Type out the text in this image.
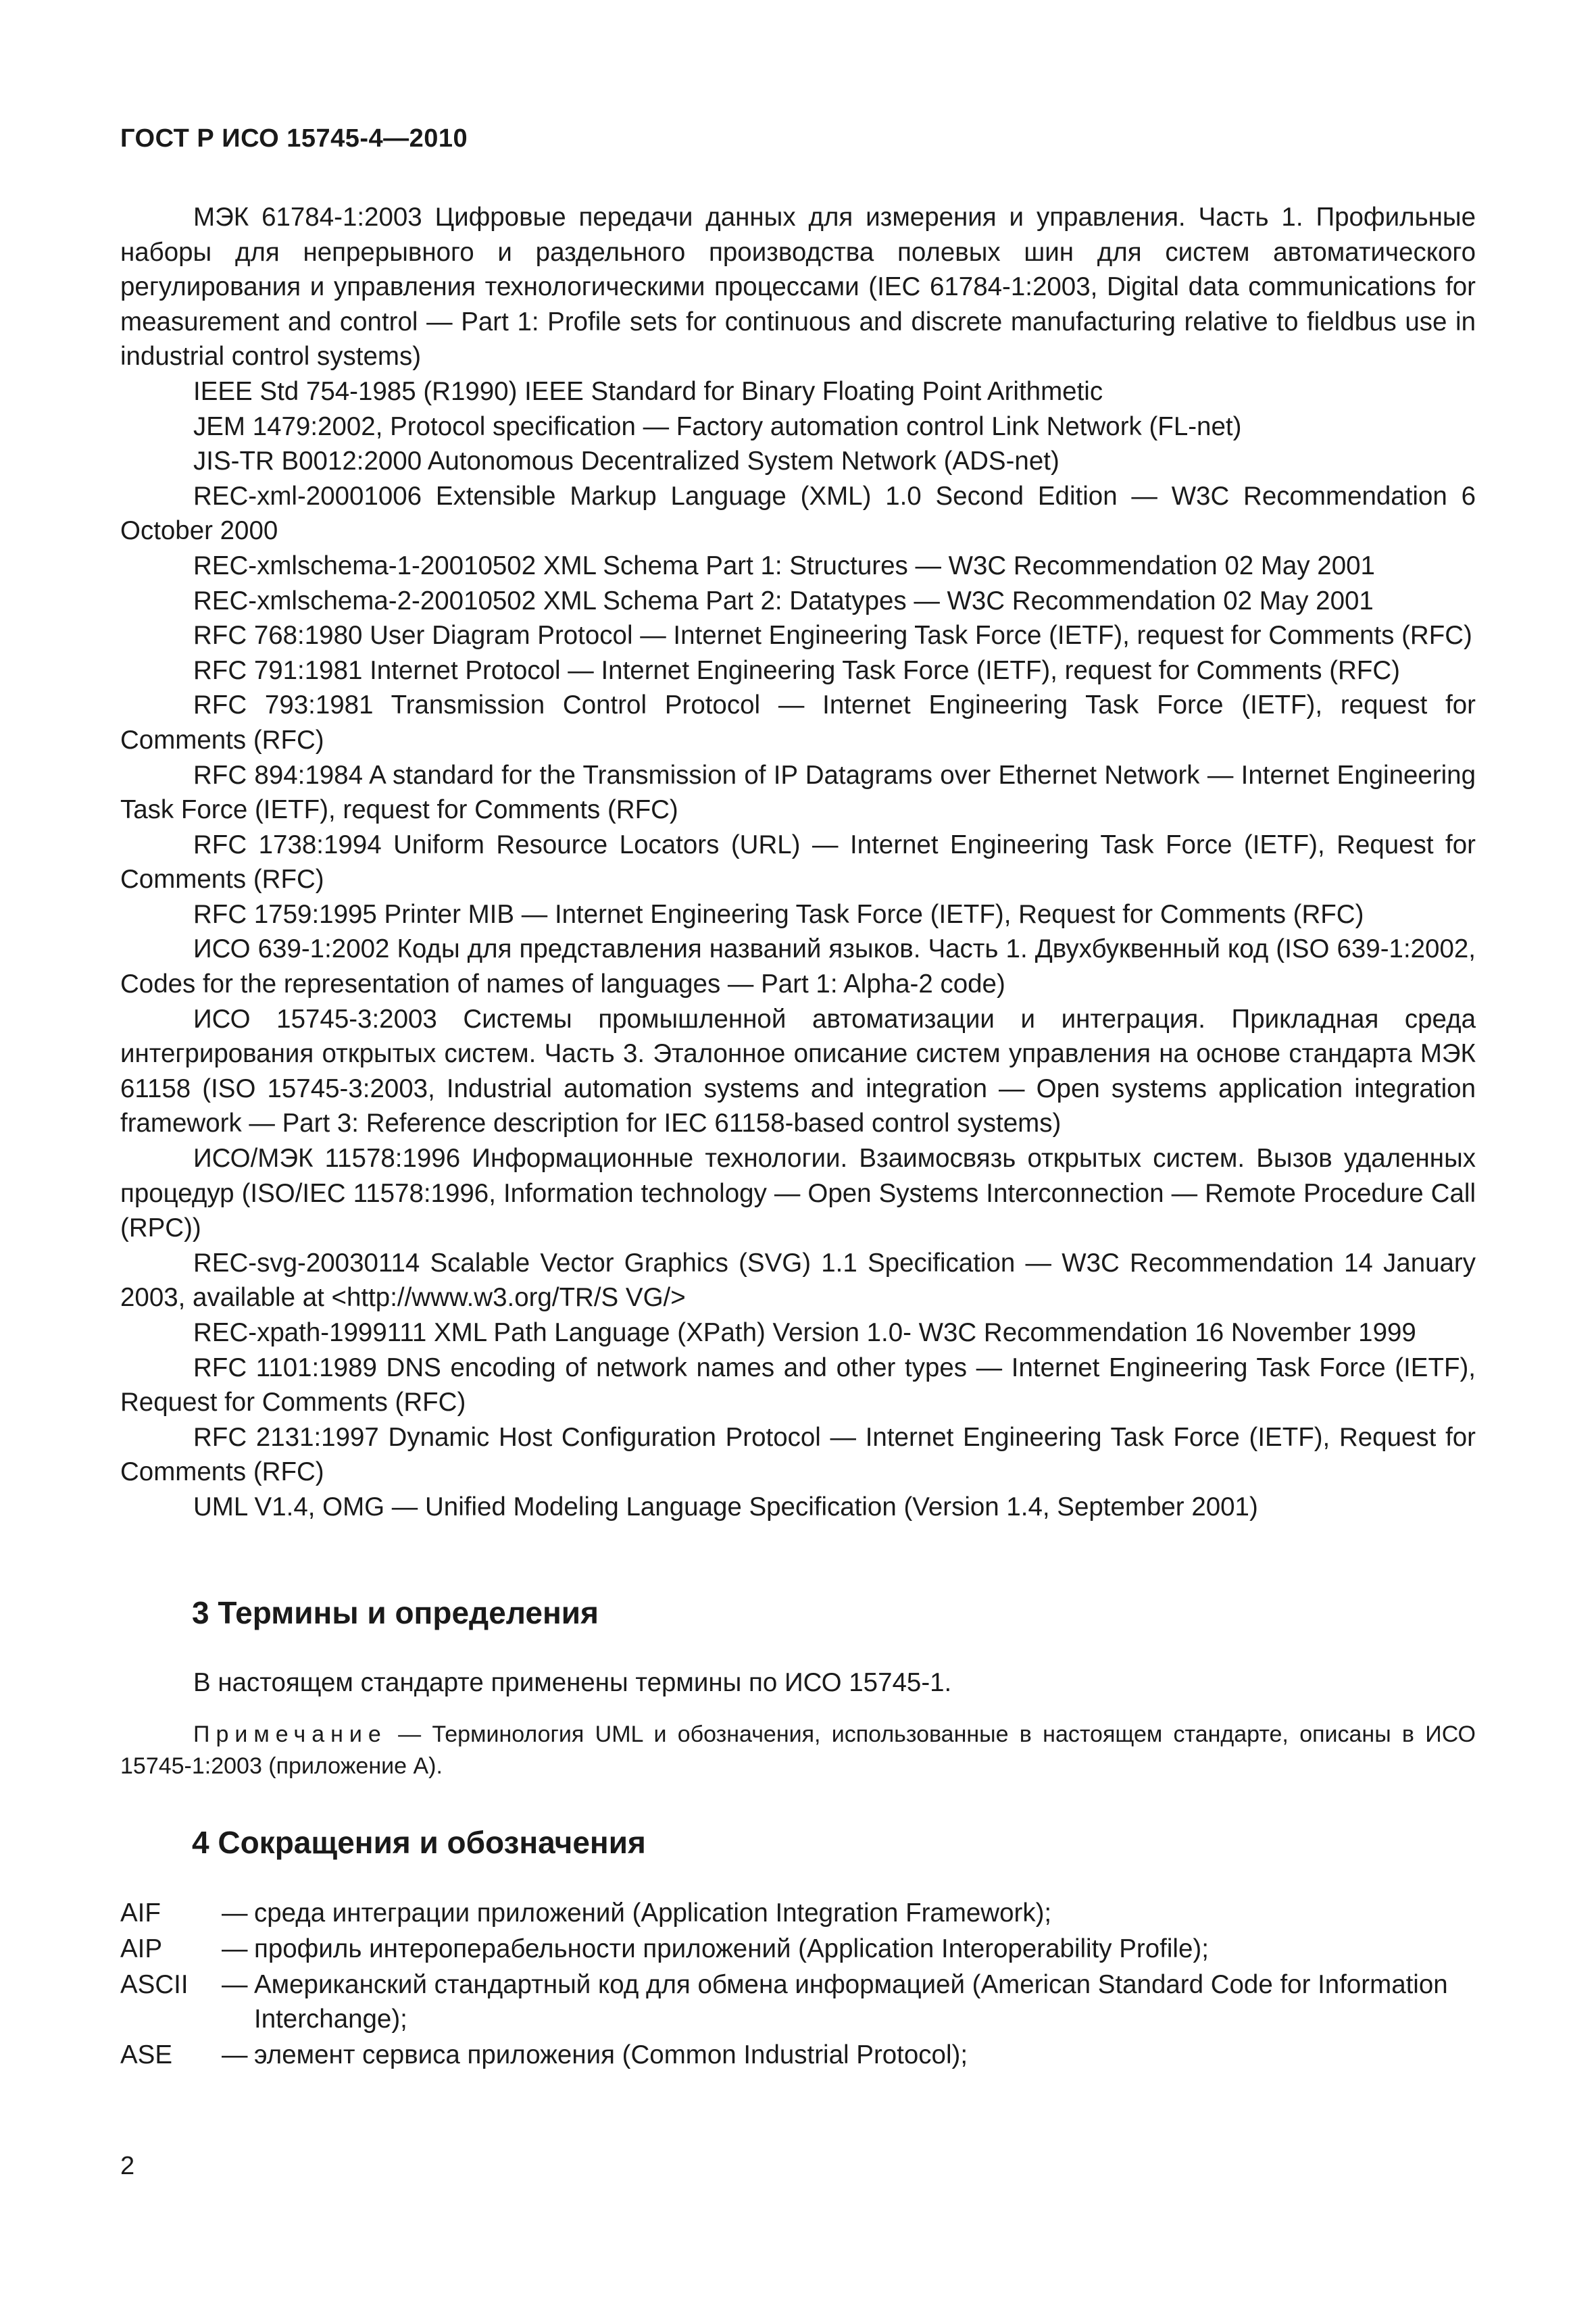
ГОСТ Р ИСО 15745-4—2010

МЭК 61784-1:2003 Цифровые передачи данных для измерения и управления. Часть 1. Профильные наборы для непрерывного и раздельного производства полевых шин для систем автоматического регулирования и управления технологическими процессами (IEC 61784-1:2003, Digital data communications for measurement and control — Part 1: Profile sets for continuous and discrete manufacturing relative to fieldbus use in industrial control systems)

IEEE Std 754-1985 (R1990) IEEE Standard for Binary Floating Point Arithmetic

JEM 1479:2002, Protocol specification — Factory automation control Link Network (FL-net)

JIS-TR B0012:2000 Autonomous Decentralized System Network (ADS-net)

REC-xml-20001006 Extensible Markup Language (XML) 1.0 Second Edition — W3C Recommendation 6 October 2000

REC-xmlschema-1-20010502 XML Schema Part 1: Structures — W3C Recommendation 02 May 2001

REC-xmlschema-2-20010502 XML Schema Part 2: Datatypes — W3C Recommendation 02 May 2001

RFC 768:1980 User Diagram Protocol — Internet Engineering Task Force (IETF), request for Comments (RFC)

RFC 791:1981 Internet Protocol — Internet Engineering Task Force (IETF), request for Comments (RFC)

RFC 793:1981 Transmission Control Protocol — Internet Engineering Task Force (IETF), request for Comments (RFC)

RFC 894:1984 A standard for the Transmission of IP Datagrams over Ethernet Network — Internet Engineering Task Force (IETF), request for Comments (RFC)

RFC 1738:1994 Uniform Resource Locators (URL) — Internet Engineering Task Force (IETF), Request for Comments (RFC)

RFC 1759:1995 Printer MIB — Internet Engineering Task Force (IETF), Request for Comments (RFC)

ИСО 639-1:2002 Коды для представления названий языков. Часть 1. Двухбуквенный код (ISO 639-1:2002, Codes for the representation of names of languages — Part 1: Alpha-2 code)

ИСО 15745-3:2003 Системы промышленной автоматизации и интеграция. Прикладная среда интегрирования открытых систем. Часть 3. Эталонное описание систем управления на основе стандарта МЭК 61158 (ISO 15745-3:2003, Industrial automation systems and integration — Open systems application integration framework — Part 3: Reference description for IEC 61158-based control systems)

ИСО/МЭК 11578:1996 Информационные технологии. Взаимосвязь открытых систем. Вызов удаленных процедур (ISO/IEC 11578:1996, Information technology — Open Systems Interconnection — Remote Procedure Call (RPC))

REC-svg-20030114 Scalable Vector Graphics (SVG) 1.1 Specification — W3C Recommendation 14 January 2003, available at <http://www.w3.org/TR/S VG/>

REC-xpath-1999111 XML Path Language (XPath) Version 1.0- W3C Recommendation 16 November 1999

RFC 1101:1989 DNS encoding of network names and other types — Internet Engineering Task Force (IETF), Request for Comments (RFC)

RFC 2131:1997 Dynamic Host Configuration Protocol — Internet Engineering Task Force (IETF), Request for Comments (RFC)

UML V1.4, OMG — Unified Modeling Language Specification (Version 1.4, September 2001)

3 Термины и определения
В настоящем стандарте применены термины по ИСО 15745-1.
Примечание — Терминология UML и обозначения, использованные в настоящем стандарте, описаны в ИСО 15745-1:2003 (приложение А).
4 Сокращения и обозначения
AIF	— среда интеграции приложений (Application Integration Framework);
AIP	— профиль интероперабельности приложений (Application Interoperability Profile);
ASCII	— Американский стандартный код для обмена информацией (American Standard Code for Information Interchange);
ASE	— элемент сервиса приложения (Common Industrial Protocol);
2
